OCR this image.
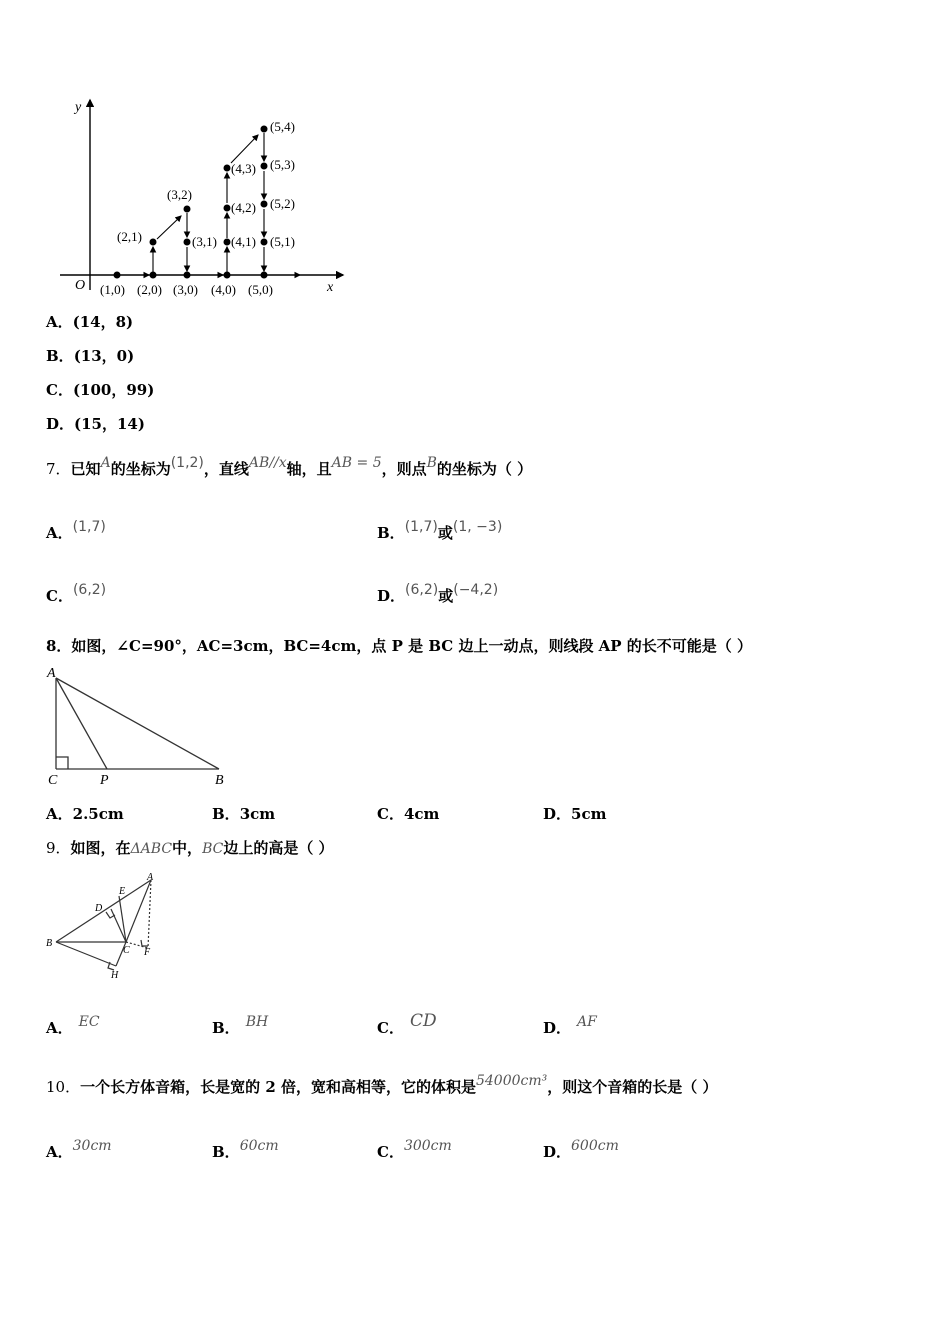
y
x
O (1,0) (2,0) (3,0) (4,0) (5,0)
(2,1)	(3,1)
(3,2)
(4,1)
(4,2)
(4,3)
(5,1)
(5,2)
(5,3)
(5,4)
A．(14，8)
B．(13，0)
C．(100，99)
D．(15，14)
7．已知A的坐标为(1,2)，直线AB//x轴，且AB = 5，则点B的坐标为（ ）
A．(1,7)	B．(1,7)或(1, −3)
C．(6,2)	D．(6,2)或(−4,2)
8．如图，∠C=90°，AC=3cm，BC=4cm，点 P 是 BC 边上一动点，则线段 AP 的长不可能是（ ）
A
C	P	B
A．2.5cm	B．3cm	C．4cm	D．5cm
9．如图，在ΔABC中，BC边上的高是（ ）
A
E
D
B
C F
H
A． EC	B． BH	C． CD	D． AF
10．一个长方体音箱，长是宽的 2 倍，宽和高相等，它的体积是54000cm³，则这个音箱的长是（ ）
A．30cm	B．60cm	C．300cm	D．600cm
